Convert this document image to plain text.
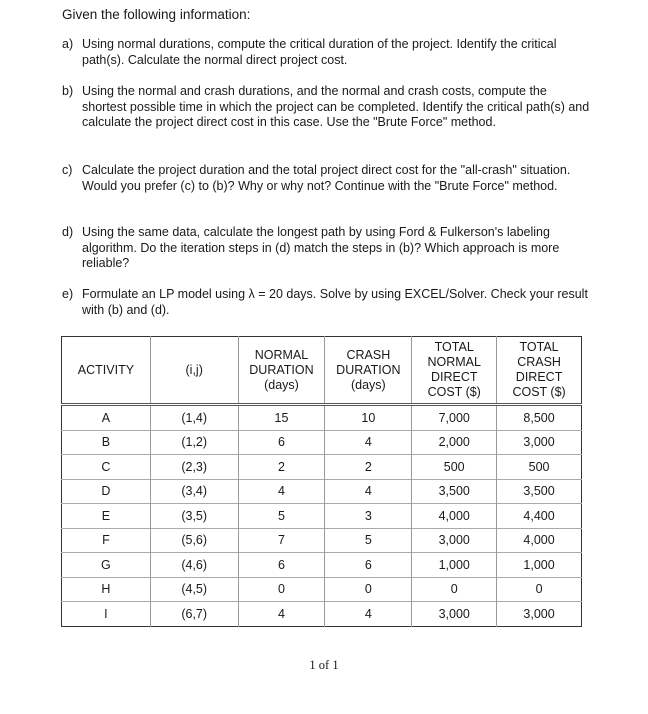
Given the following information:
a) Using normal durations, compute the critical duration of the project. Identify the critical path(s). Calculate the normal direct project cost.
b) Using the normal and crash durations, and the normal and crash costs, compute the shortest possible time in which the project can be completed. Identify the critical path(s) and calculate the project direct cost in this case. Use the "Brute Force" method.
c) Calculate the project duration and the total project direct cost for the "all-crash" situation. Would you prefer (c) to (b)? Why or why not? Continue with the "Brute Force" method.
d) Using the same data, calculate the longest path by using Ford & Fulkerson's labeling algorithm. Do the iteration steps in (d) match the steps in (b)? Which approach is more reliable?
e) Formulate an LP model using λ = 20 days. Solve by using EXCEL/Solver. Check your result with (b) and (d).
ACTIVITY	(i,j)	NORMAL
DURATION
(days)	CRASH
DURATION
(days)	TOTAL
NORMAL
DIRECT
COST ($)	TOTAL
CRASH
DIRECT
COST ($)
A	(1,4)	15	10	7,000	8,500
B	(1,2)	6	4	2,000	3,000
C	(2,3)	2	2	500	500
D	(3,4)	4	4	3,500	3,500
E	(3,5)	5	3	4,000	4,400
F	(5,6)	7	5	3,000	4,000
G	(4,6)	6	6	1,000	1,000
H	(4,5)	0	0	0	0
I	(6,7)	4	4	3,000	3,000
1 of 1
